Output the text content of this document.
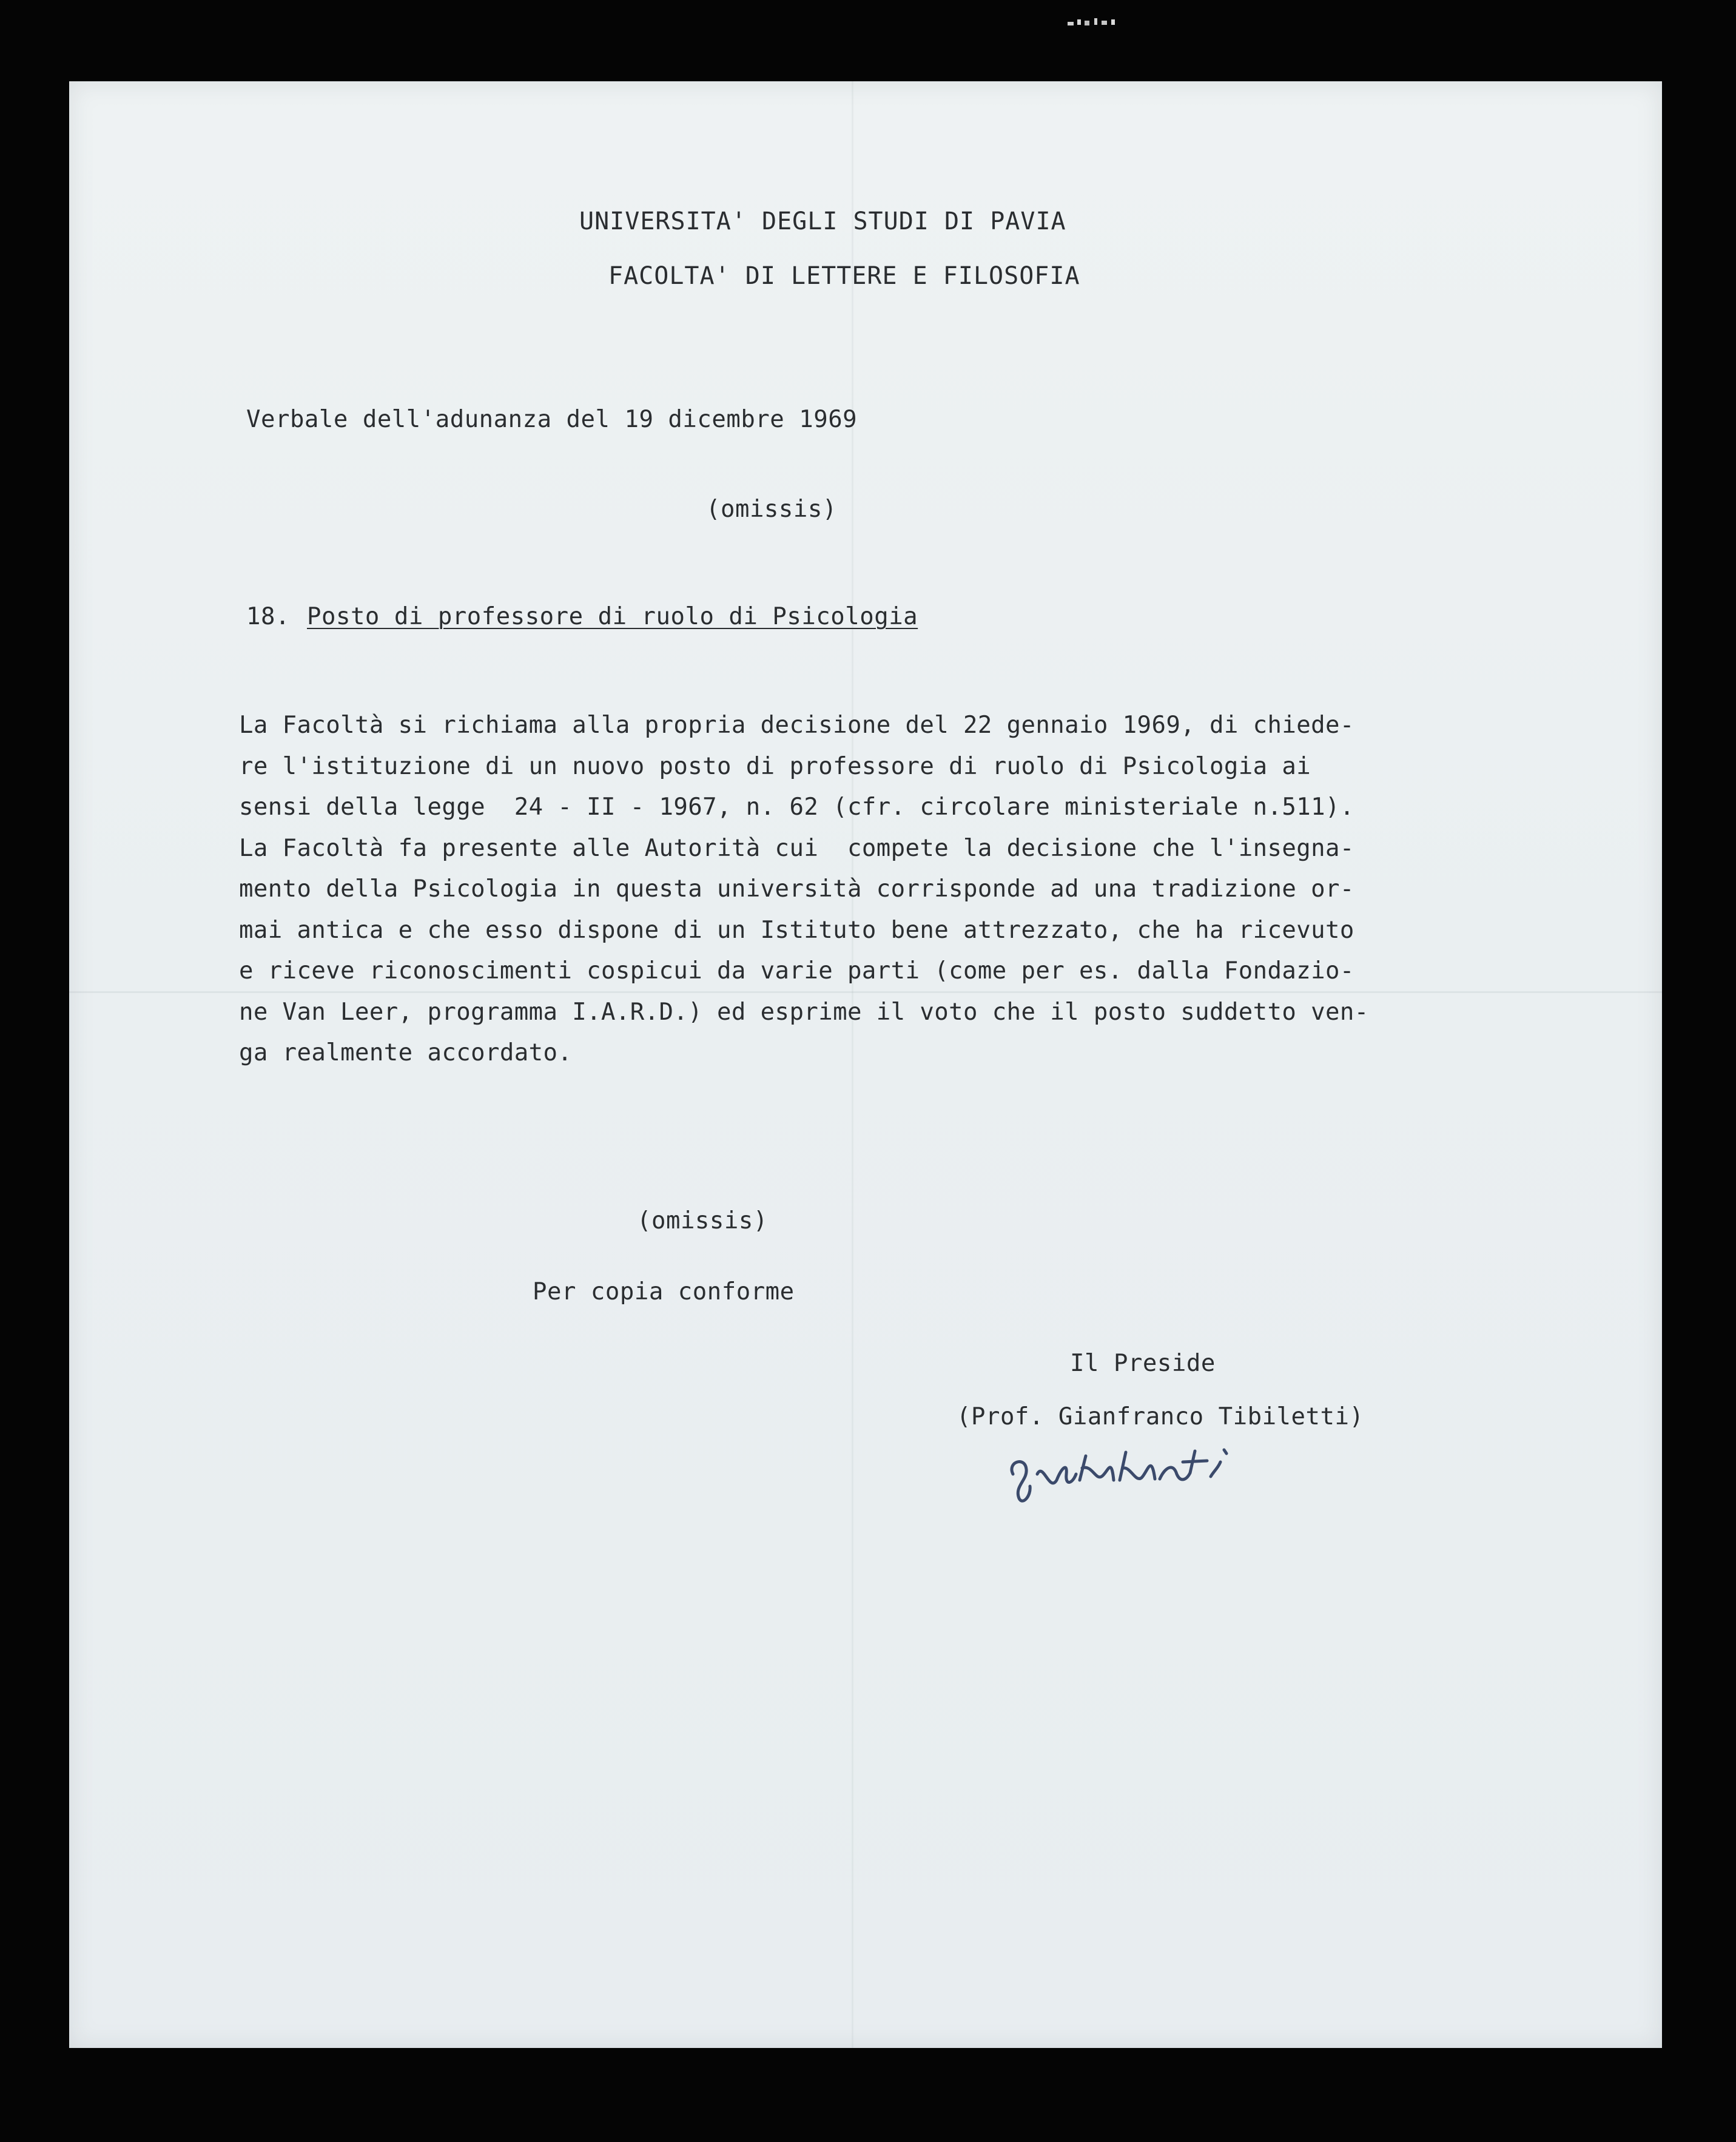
UNIVERSITA' DEGLI STUDI DI PAVIA
FACOLTA' DI LETTERE E FILOSOFIA
Verbale dell'adunanza del 19 dicembre 1969
(omissis)
18. Posto di professore di ruolo di Psicologia
La Facoltà si richiama alla propria decisione del 22 gennaio 1969, di chiede-
re l'istituzione di un nuovo posto di professore di ruolo di Psicologia ai
sensi della legge  24 - II - 1967, n. 62 (cfr. circolare ministeriale n.511).
La Facoltà fa presente alle Autorità cui  compete la decisione che l'insegna-
mento della Psicologia in questa università corrisponde ad una tradizione or-
mai antica e che esso dispone di un Istituto bene attrezzato, che ha ricevuto
e riceve riconoscimenti cospicui da varie parti (come per es. dalla Fondazio-
ne Van Leer, programma I.A.R.D.) ed esprime il voto che il posto suddetto ven-
ga realmente accordato.
(omissis)
Per copia conforme
Il Preside
(Prof. Gianfranco Tibiletti)
